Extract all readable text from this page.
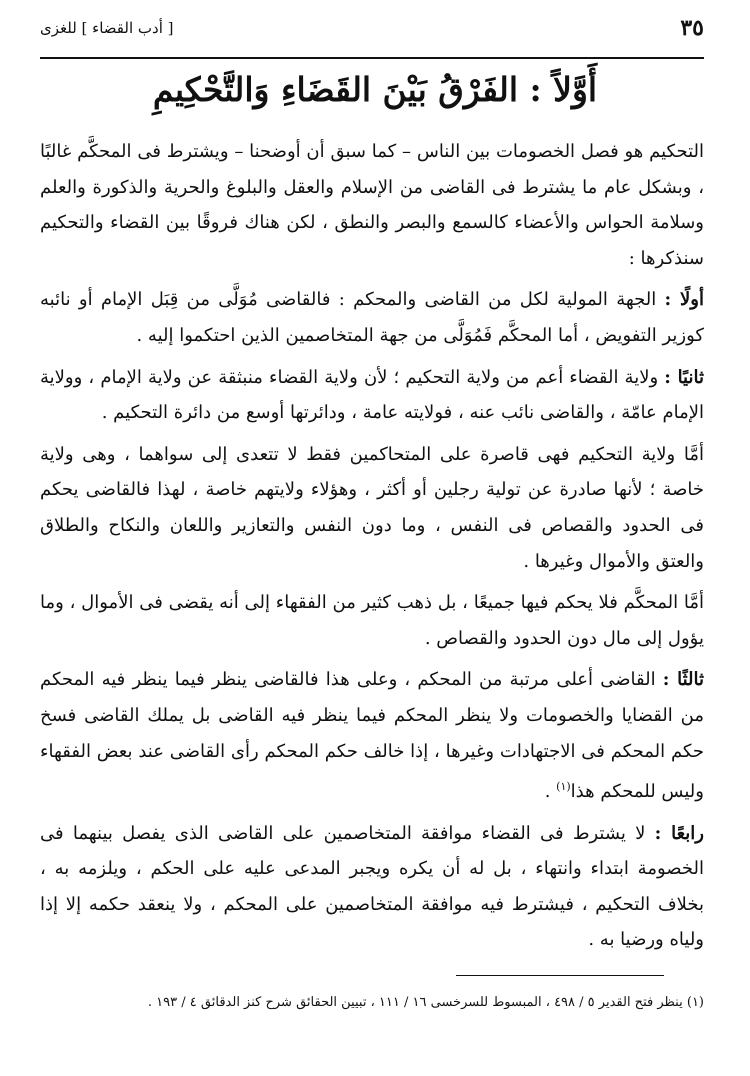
٣٥
[ أدب القضاء ] للغزى
أَوَّلاً : الفَرْقُ بَيْنَ القَضَاءِ وَالتَّحْكِيمِ

التحكيم هو فصل الخصومات بين الناس – كما سبق أن أوضحنا – ويشترط فى المحكَّم غالبًا ، وبشكل عام ما يشترط فى القاضى من الإسلام والعقل والبلوغ والحرية والذكورة والعلم وسلامة الحواس والأعضاء كالسمع والبصر والنطق ، لكن هناك فروقًا بين القضاء والتحكيم سنذكرها :

أولًا : الجهة المولية لكل من القاضى والمحكم : فالقاضى مُوَلَّى من قِبَل الإمام أو نائبه كوزير التفويض ، أما المحكَّم فَمُوَلَّى من جهة المتخاصمين الذين احتكموا إليه .

ثانيًا : ولاية القضاء أعم من ولاية التحكيم ؛ لأن ولاية القضاء منبثقة عن ولاية الإمام ، وولاية الإمام عامّة ، والقاضى نائب عنه ، فولايته عامة ، ودائرتها أوسع من دائرة التحكيم .

أمَّا ولاية التحكيم فهى قاصرة على المتحاكمين فقط لا تتعدى إلى سواهما ، وهى ولاية خاصة ؛ لأنها صادرة عن تولية رجلين أو أكثر ، وهؤلاء ولايتهم خاصة ، لهذا فالقاضى يحكم فى الحدود والقصاص فى النفس ، وما دون النفس والتعازير واللعان والنكاح والطلاق والعتق والأموال وغيرها .

أمَّا المحكَّم فلا يحكم فيها جميعًا ، بل ذهب كثير من الفقهاء إلى أنه يقضى فى الأموال ، وما يؤول إلى مال دون الحدود والقصاص .

ثالثًا : القاضى أعلى مرتبة من المحكم ، وعلى هذا فالقاضى ينظر فيما ينظر فيه المحكم من القضايا والخصومات ولا ينظر المحكم فيما ينظر فيه القاضى بل يملك القاضى فسخ حكم المحكم فى الاجتهادات وغيرها ، إذا خالف حكم المحكم رأى القاضى عند بعض الفقهاء وليس للمحكم هذا$^{(١)}$ .

رابعًا : لا يشترط فى القضاء موافقة المتخاصمين على القاضى الذى يفصل بينهما فى الخصومة ابتداء وانتهاء ، بل له أن يكره ويجبر المدعى عليه على الحكم ، ويلزمه به ، بخلاف التحكيم ، فيشترط فيه موافقة المتخاصمين على المحكم ، ولا ينعقد حكمه إلا إذا ولياه ورضيا به .

(١) ينظر فتح القدير ٥ / ٤٩٨ ، المبسوط للسرخسى ١٦ / ١١١ ، تبيين الحقائق شرح كنز الدقائق ٤ / ١٩٣ .
